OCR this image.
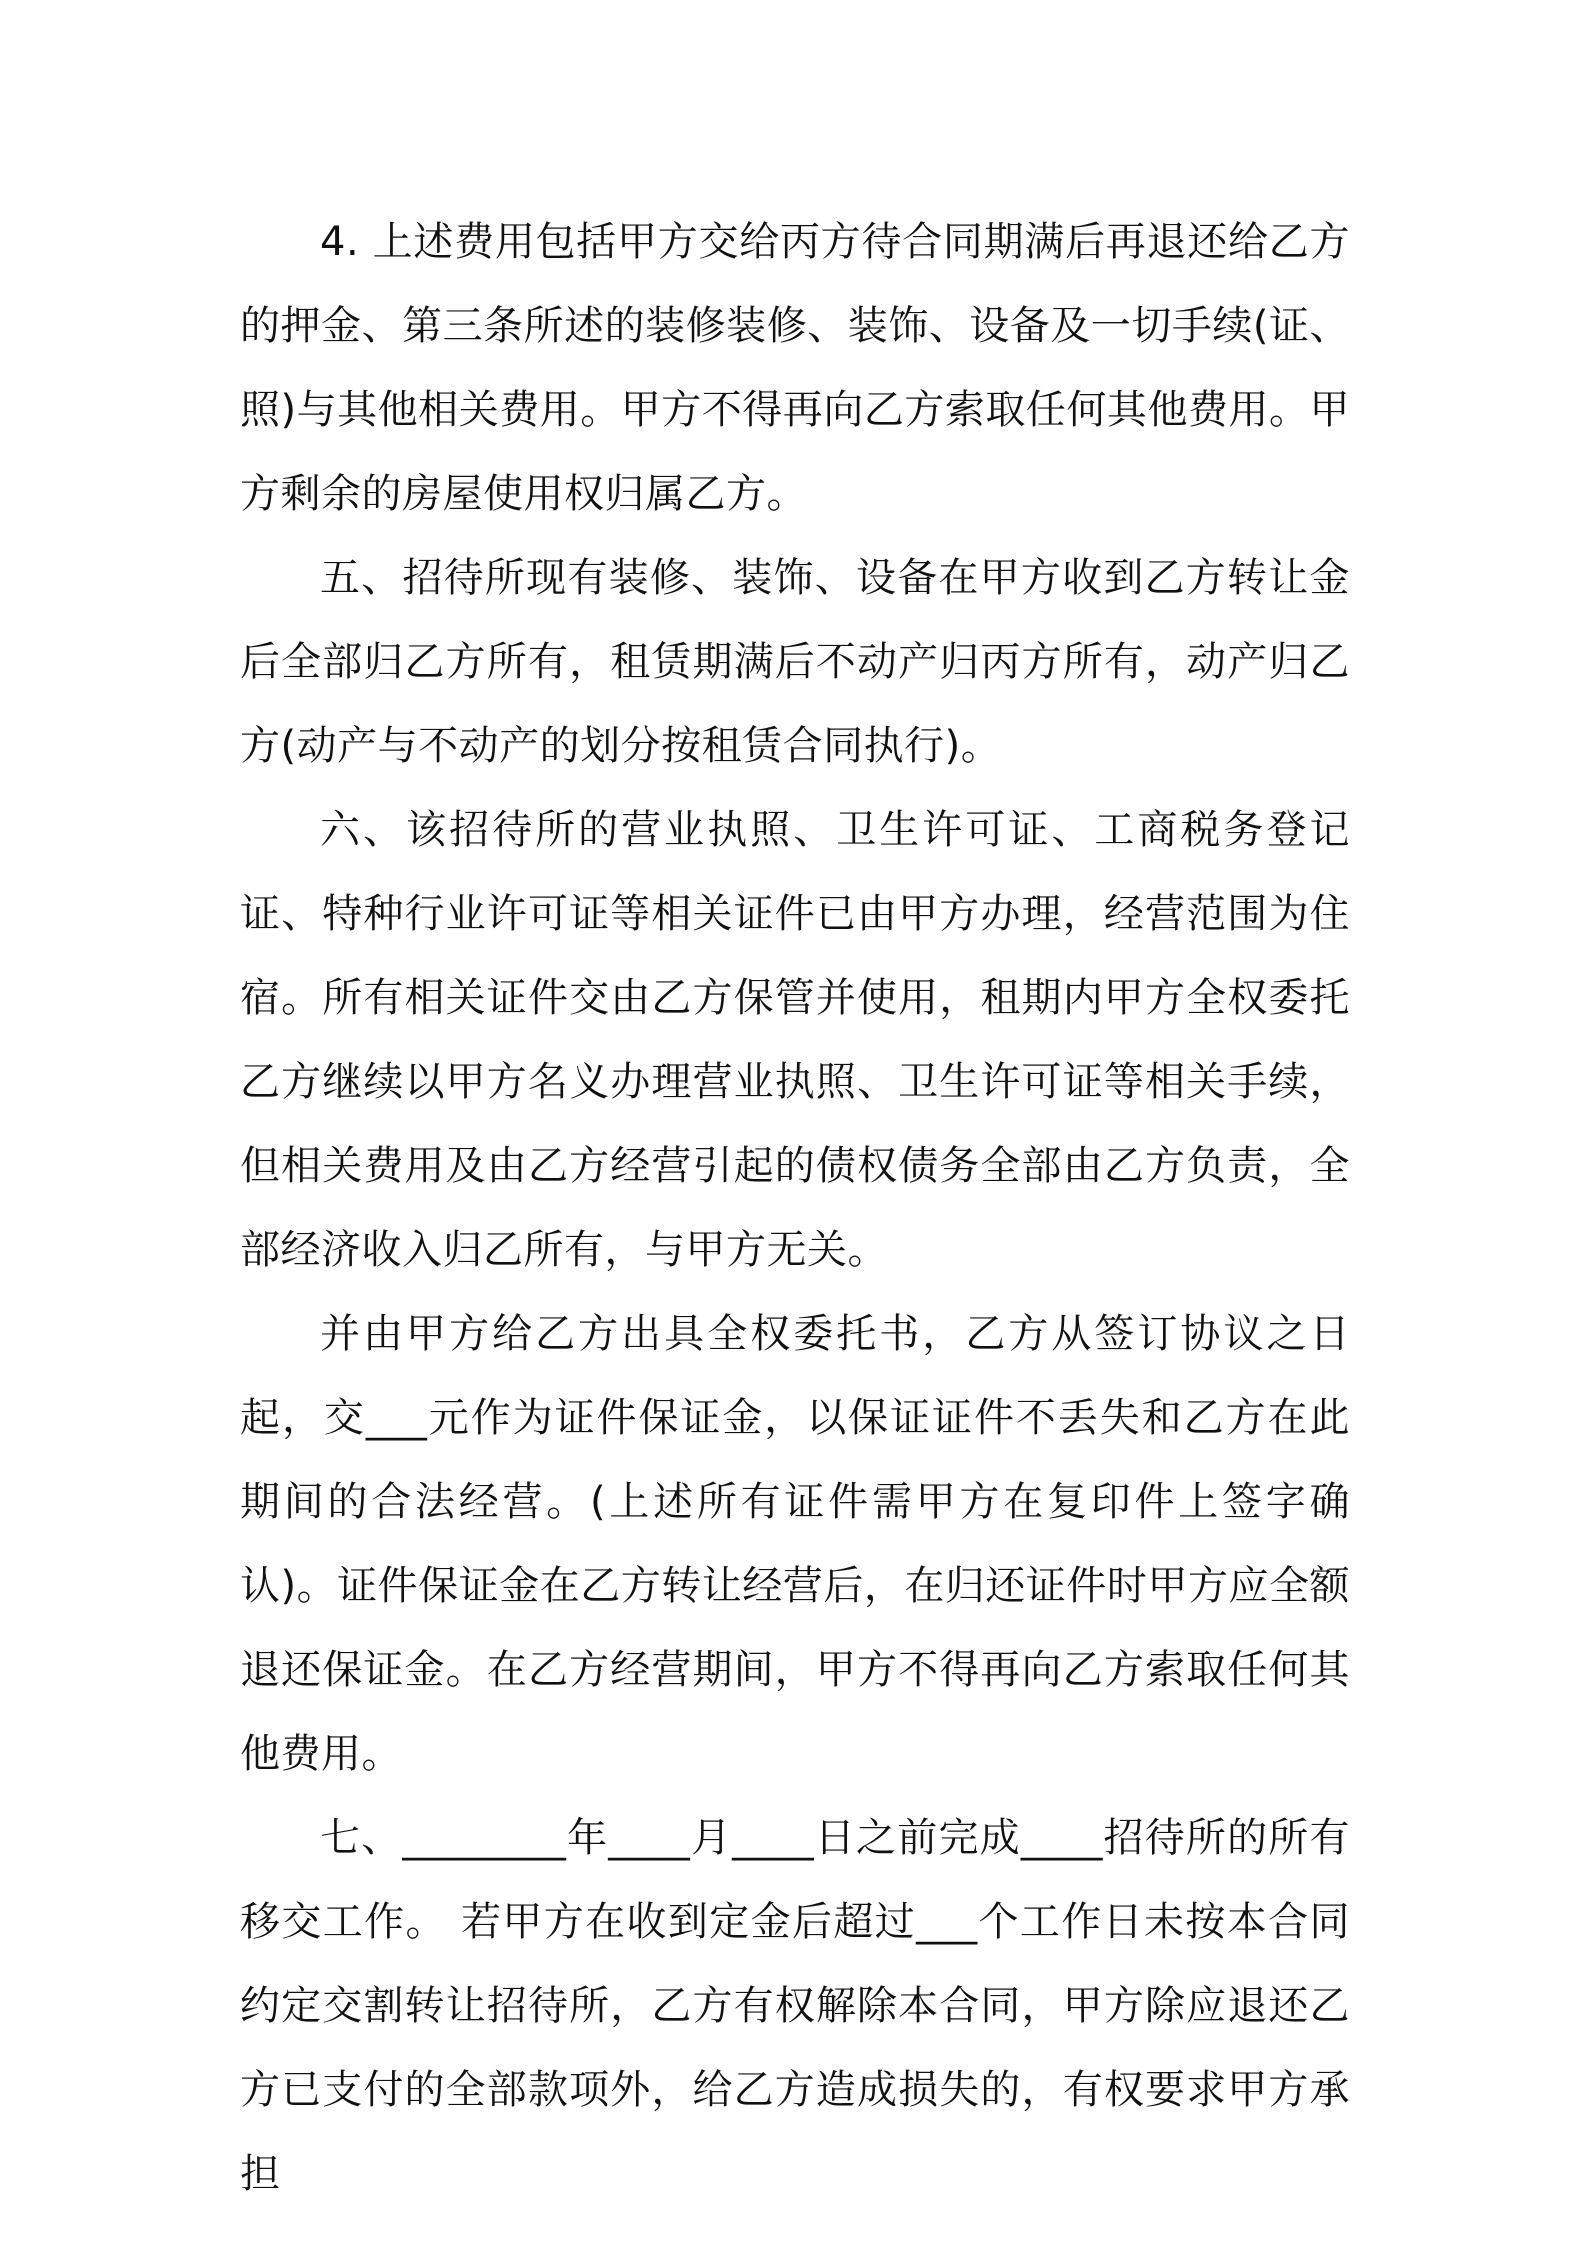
4. 上述费用包括甲方交给丙方待合同期满后再退还给乙方的押金、第三条所述的装修装修、装饰、设备及一切手续(证、照)与其他相关费用。甲方不得再向乙方索取任何其他费用。甲方剩余的房屋使用权归属乙方。

五、招待所现有装修、装饰、设备在甲方收到乙方转让金后全部归乙方所有，租赁期满后不动产归丙方所有，动产归乙方(动产与不动产的划分按租赁合同执行)。

六、该招待所的营业执照、卫生许可证、工商税务登记证、特种行业许可证等相关证件已由甲方办理，经营范围为住宿。所有相关证件交由乙方保管并使用，租期内甲方全权委托乙方继续以甲方名义办理营业执照、卫生许可证等相关手续，但相关费用及由乙方经营引起的债权债务全部由乙方负责，全部经济收入归乙所有，与甲方无关。

并由甲方给乙方出具全权委托书，乙方从签订协议之日起，交___元作为证件保证金，以保证证件不丢失和乙方在此期间的合法经营。(上述所有证件需甲方在复印件上签字确认)。证件保证金在乙方转让经营后，在归还证件时甲方应全额退还保证金。在乙方经营期间，甲方不得再向乙方索取任何其他费用。

七、________年____月____日之前完成____招待所的所有移交工作。 若甲方在收到定金后超过___个工作日未按本合同约定交割转让招待所，乙方有权解除本合同，甲方除应退还乙方已支付的全部款项外，给乙方造成损失的，有权要求甲方承担
